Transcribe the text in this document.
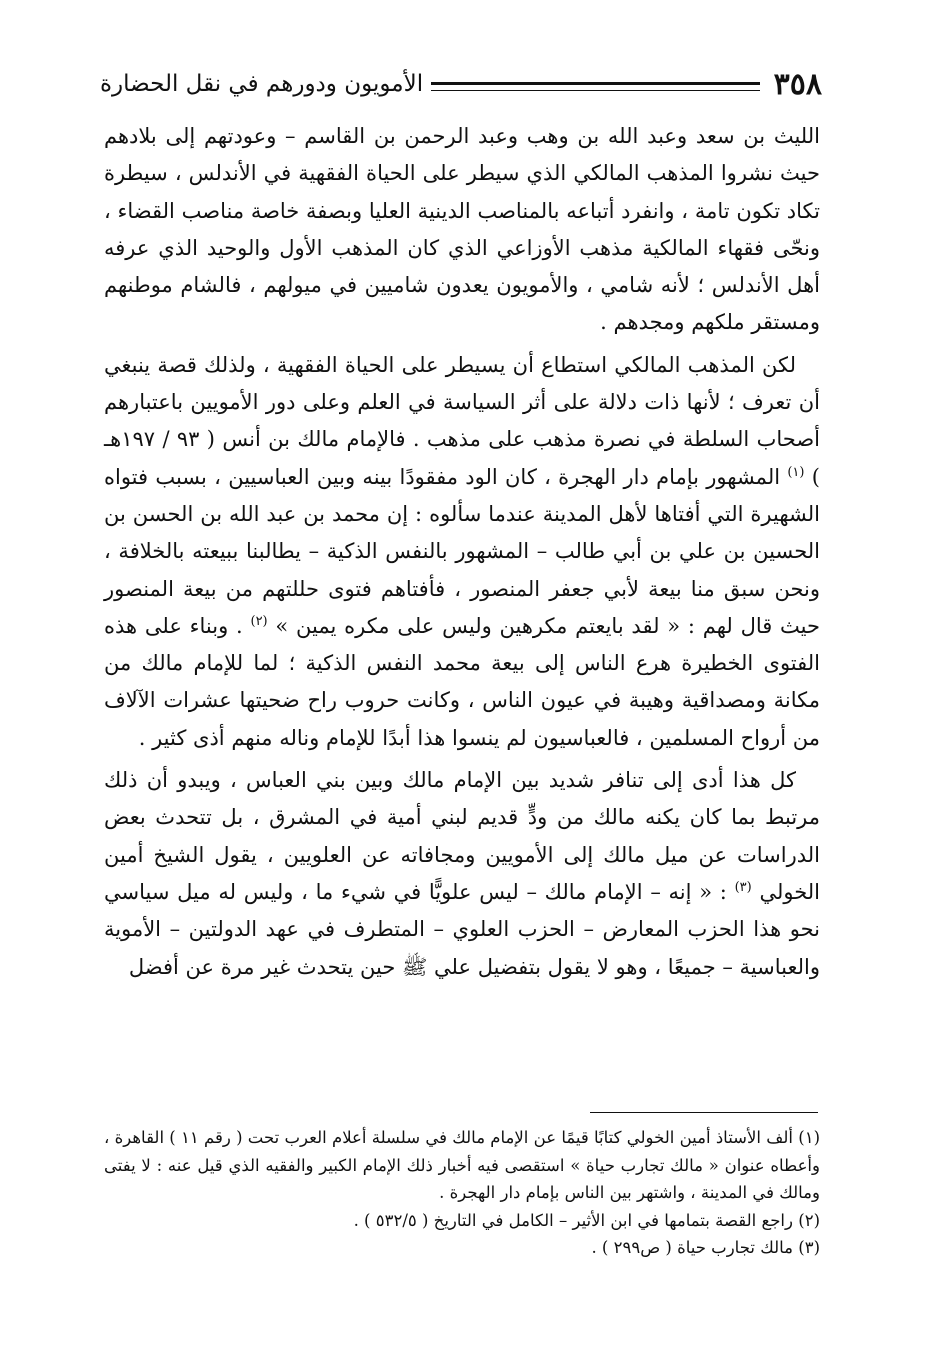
٣٥٨
الأمويون ودورهم في نقل الحضارة

الليث بن سعد وعبد الله بن وهب وعبد الرحمن بن القاسم – وعودتهم إلى بلادهم حيث نشروا المذهب المالكي الذي سيطر على الحياة الفقهية في الأندلس ، سيطرة تكاد تكون تامة ، وانفرد أتباعه بالمناصب الدينية العليا وبصفة خاصة مناصب القضاء ، ونحّى فقهاء المالكية مذهب الأوزاعي الذي كان المذهب الأول والوحيد الذي عرفه أهل الأندلس ؛ لأنه شامي ، والأمويون يعدون شاميين في ميولهم ، فالشام موطنهم ومستقر ملكهم ومجدهم .

لكن المذهب المالكي استطاع أن يسيطر على الحياة الفقهية ، ولذلك قصة ينبغي أن تعرف ؛ لأنها ذات دلالة على أثر السياسة في العلم وعلى دور الأمويين باعتبارهم أصحاب السلطة في نصرة مذهب على مذهب . فالإمام مالك بن أنس ( ٩٣ / ١٩٧هـ ) $^{(١)}$ المشهور بإمام دار الهجرة ، كان الود مفقودًا بينه وبين العباسيين ، بسبب فتواه الشهيرة التي أفتاها لأهل المدينة عندما سألوه : إن محمد بن عبد الله بن الحسن بن الحسين بن علي بن أبي طالب – المشهور بالنفس الذكية – يطالبنا ببيعته بالخلافة ، ونحن سبق منا بيعة لأبي جعفر المنصور ، فأفتاهم فتوى حللتهم من بيعة المنصور حيث قال لهم : « لقد بايعتم مكرهين وليس على مكره يمين » $^{(٢)}$ . وبناء على هذه الفتوى الخطيرة هرع الناس إلى بيعة محمد النفس الذكية ؛ لما للإمام مالك من مكانة ومصداقية وهيبة في عيون الناس ، وكانت حروب راح ضحيتها عشرات الآلاف من أرواح المسلمين ، فالعباسيون لم ينسوا هذا أبدًا للإمام وناله منهم أذى كثير .

كل هذا أدى إلى تنافر شديد بين الإمام مالك وبين بني العباس ، ويبدو أن ذلك مرتبط بما كان يكنه مالك من ودٍّ قديم لبني أمية في المشرق ، بل تتحدث بعض الدراسات عن ميل مالك إلى الأمويين ومجافاته عن العلويين ، يقول الشيخ أمين الخولي $^{(٣)}$ : « إنه – الإمام مالك – ليس علويًّا في شيء ما ، وليس له ميل سياسي نحو هذا الحزب المعارض – الحزب العلوي – المتطرف في عهد الدولتين – الأموية والعباسية – جميعًا ، وهو لا يقول بتفضيل علي ﷺ حين يتحدث غير مرة عن أفضل

(١) ألف الأستاذ أمين الخولي كتابًا قيمًا عن الإمام مالك في سلسلة أعلام العرب تحت ( رقم ١١ ) القاهرة ، وأعطاه عنوان « مالك تجارب حياة » استقصى فيه أخبار ذلك الإمام الكبير والفقيه الذي قيل عنه : لا يفتى ومالك في المدينة ، واشتهر بين الناس بإمام دار الهجرة .

(٢) راجع القصة بتمامها في ابن الأثير – الكامل في التاريخ ( ٥٣٢/٥ ) .

(٣) مالك تجارب حياة ( ص٢٩٩ ) .
